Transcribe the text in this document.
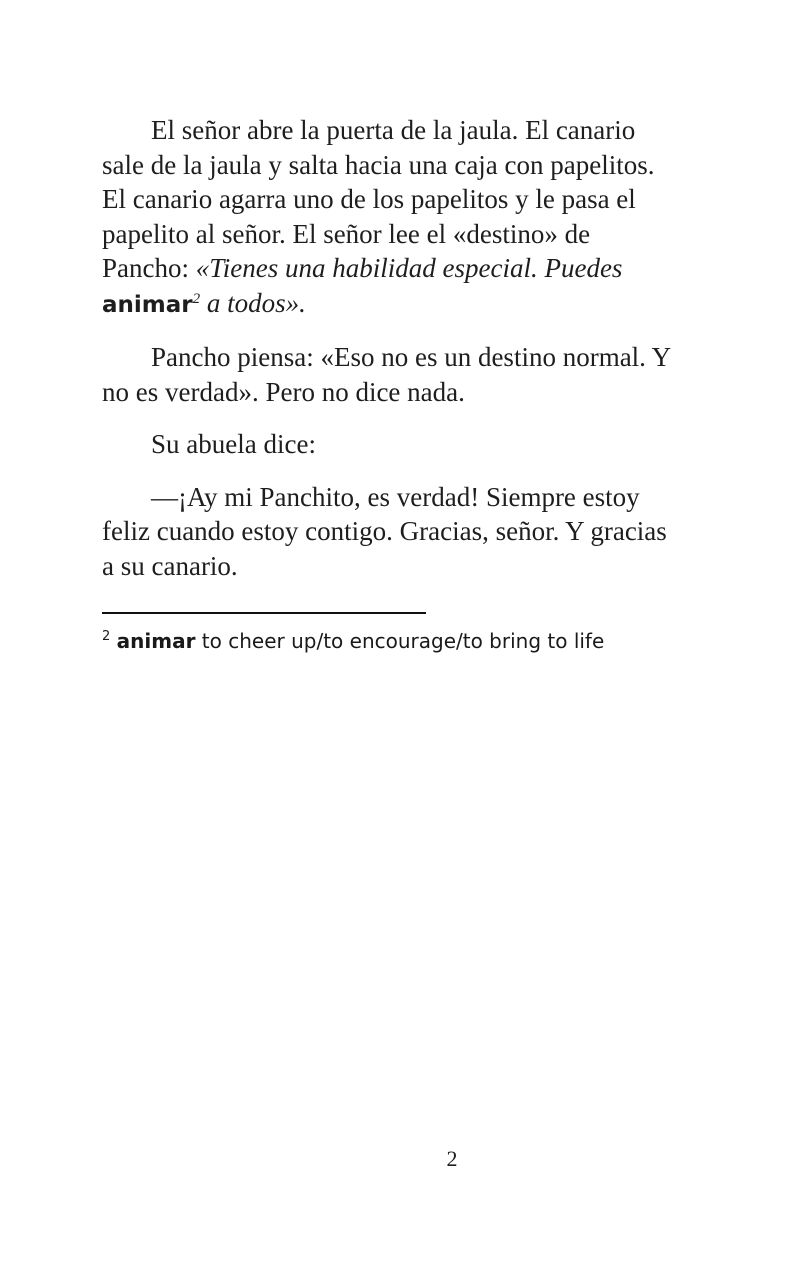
El señor abre la puerta de la jaula. El canario sale de la jaula y salta hacia una caja con papelitos. El canario agarra uno de los papelitos y le pasa el papelito al señor. El señor lee el «destino» de Pancho: «Tienes una habilidad especial. Puedes animar$^2$ a todos».

Pancho piensa: «Eso no es un destino normal. Y no es verdad». Pero no dice nada.

Su abuela dice:

—¡Ay mi Panchito, es verdad! Siempre estoy feliz cuando estoy contigo. Gracias, señor. Y gracias a su canario.

$^2$ animar to cheer up/to encourage/to bring to life
2
